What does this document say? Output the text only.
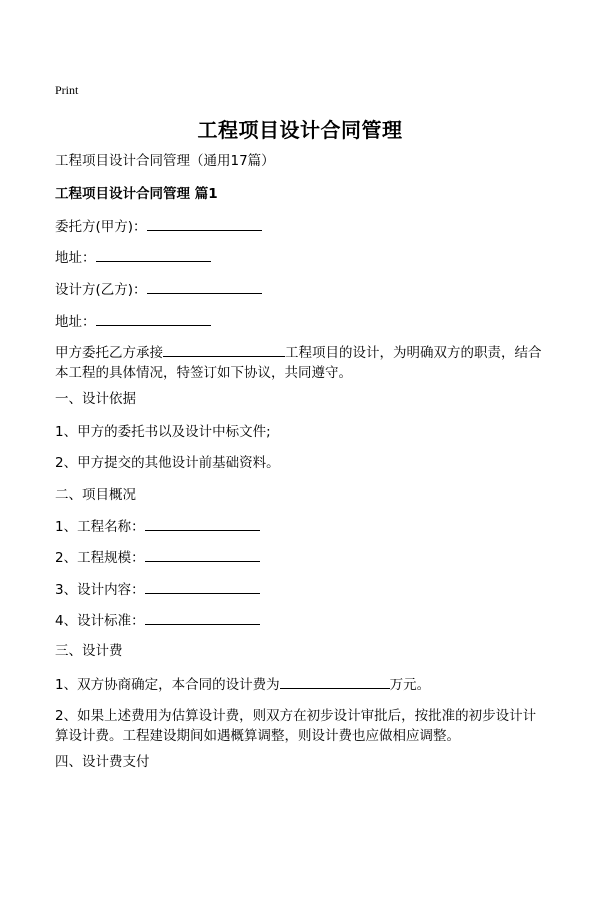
Print
工程项目设计合同管理
工程项目设计合同管理（通用17篇）
工程项目设计合同管理 篇1
委托方(甲方)：
地址：
设计方(乙方)：
地址：
甲方委托乙方承接	工程项目的设计，为明确双方的职责，结合本工程的具体情况，特签订如下协议，共同遵守。
一、设计依据
1、甲方的委托书以及设计中标文件;
2、甲方提交的其他设计前基础资料。
二、项目概况
1、工程名称：
2、工程规模：
3、设计内容：
4、设计标准：
三、设计费
1、双方协商确定，本合同的设计费为	万元。
2、如果上述费用为估算设计费，则双方在初步设计审批后，按批准的初步设计计算设计费。工程建设期间如遇概算调整，则设计费也应做相应调整。
四、设计费支付
